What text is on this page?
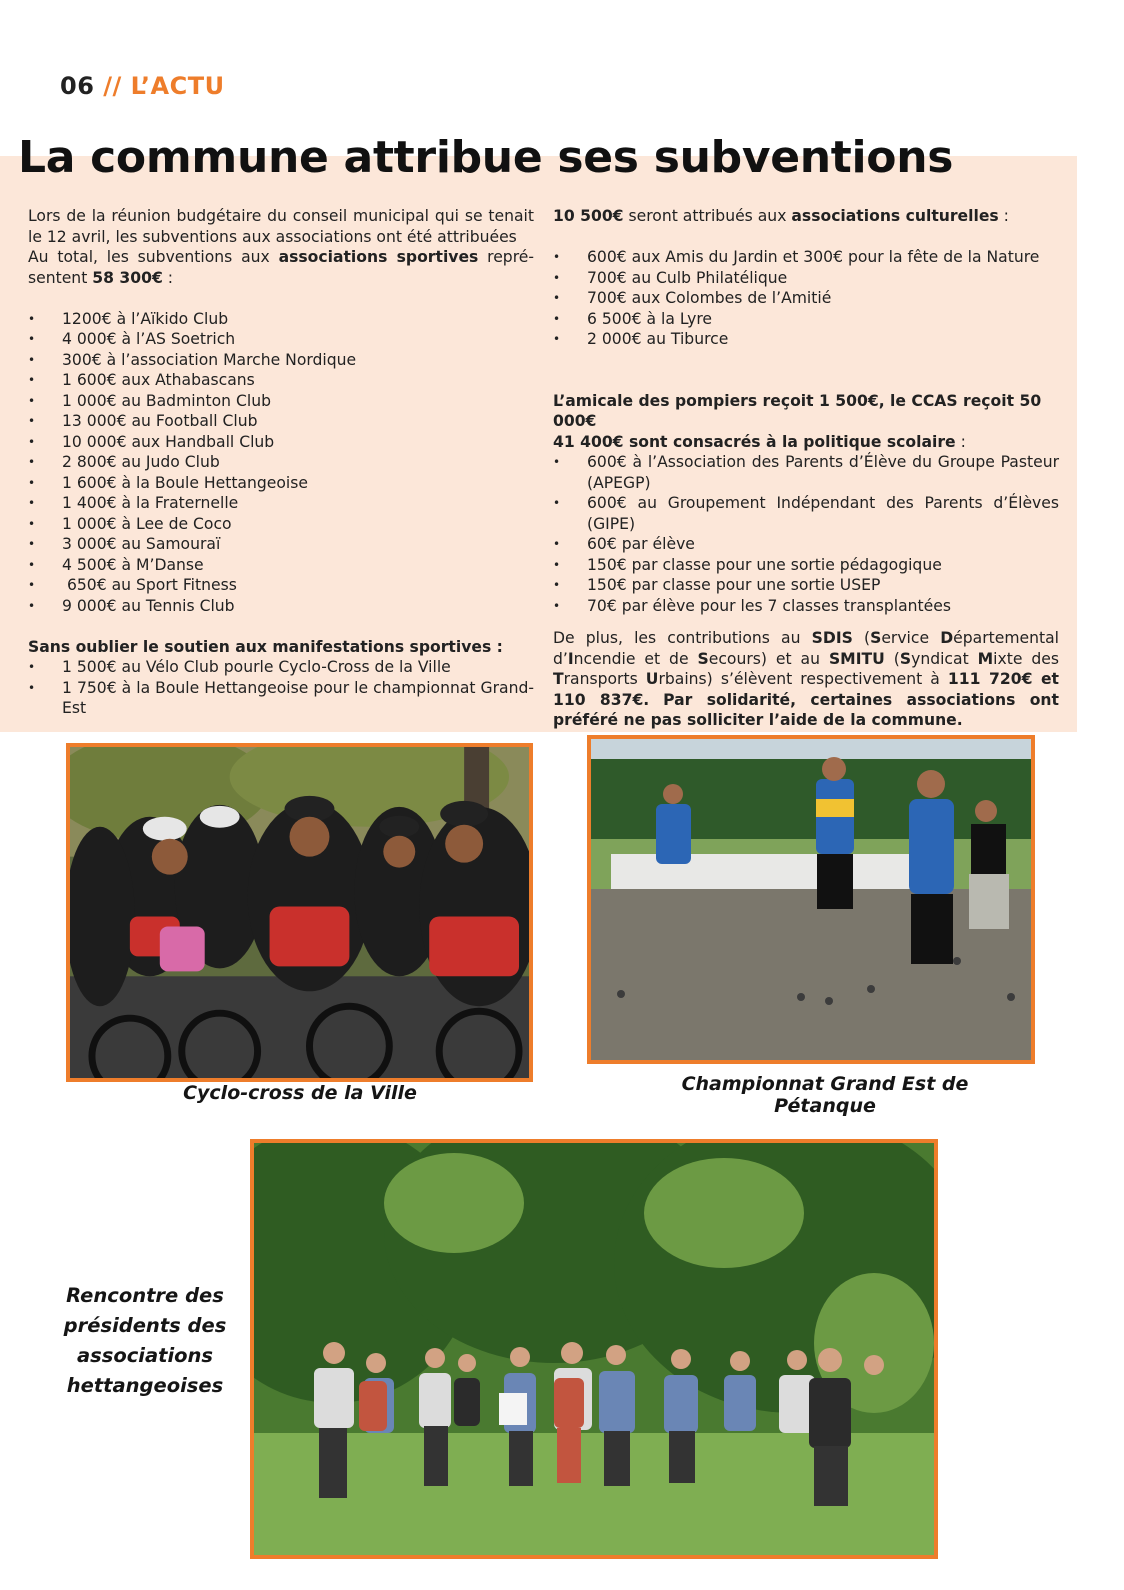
06 // L’ACTU
La commune attribue ses subventions

Lors de la réunion budgétaire du conseil municipal qui se tenait le 12 avril, les subventions aux associations ont été attribuées

Au total, les subventions aux associations sportives repré-sentent 58 300€ :

• 1200€ à l’Aïkido Club
• 4 000€ à l’AS Soetrich
• 300€ à l’association Marche Nordique
• 1 600€ aux Athabascans
• 1 000€ au Badminton Club
• 13 000€ au Football Club
• 10 000€ aux Handball Club
• 2 800€ au Judo Club
• 1 600€ à la Boule Hettangeoise
• 1 400€ à la Fraternelle
• 1 000€ à Lee de Coco
• 3 000€ au Samouraï
• 4 500€ à M’Danse
•  650€ au Sport Fitness
• 9 000€ au Tennis Club

Sans oublier le soutien aux manifestations sportives :

• 1 500€ au Vélo Club pourle Cyclo-Cross de la Ville
• 1 750€ à la Boule Hettangeoise pour le championnat Grand-Est

10 500€ seront attribués aux associations culturelles :

• 600€ aux Amis du Jardin et 300€ pour la fête de la Nature
• 700€ au Culb Philatélique
• 700€ aux Colombes de l’Amitié
• 6 500€ à la Lyre
• 2 000€ au Tiburce

L’amicale des pompiers reçoit 1 500€, le CCAS reçoit 50 000€

41 400€ sont consacrés à la politique scolaire :

• 600€ à l’Association des Parents d’Élève du Groupe Pasteur (APEGP)
• 600€ au Groupement Indépendant des Parents d’Élèves (GIPE)
• 60€ par élève
• 150€ par classe pour une sortie pédagogique
• 150€ par classe pour une sortie USEP
• 70€ par élève pour les 7 classes transplantées

De plus, les contributions au SDIS (Service Départemental d’Incendie et de Secours) et au SMITU (Syndicat Mixte des Transports Urbains) s’élèvent respectivement à 111 720€ et 110 837€. Par solidarité, certaines associations ont préféré ne pas solliciter l’aide de la commune.

Cyclo-cross de la Ville	Championnat Grand Est de Pétanque
Rencontre des
présidents des
associations
hettangeoises
